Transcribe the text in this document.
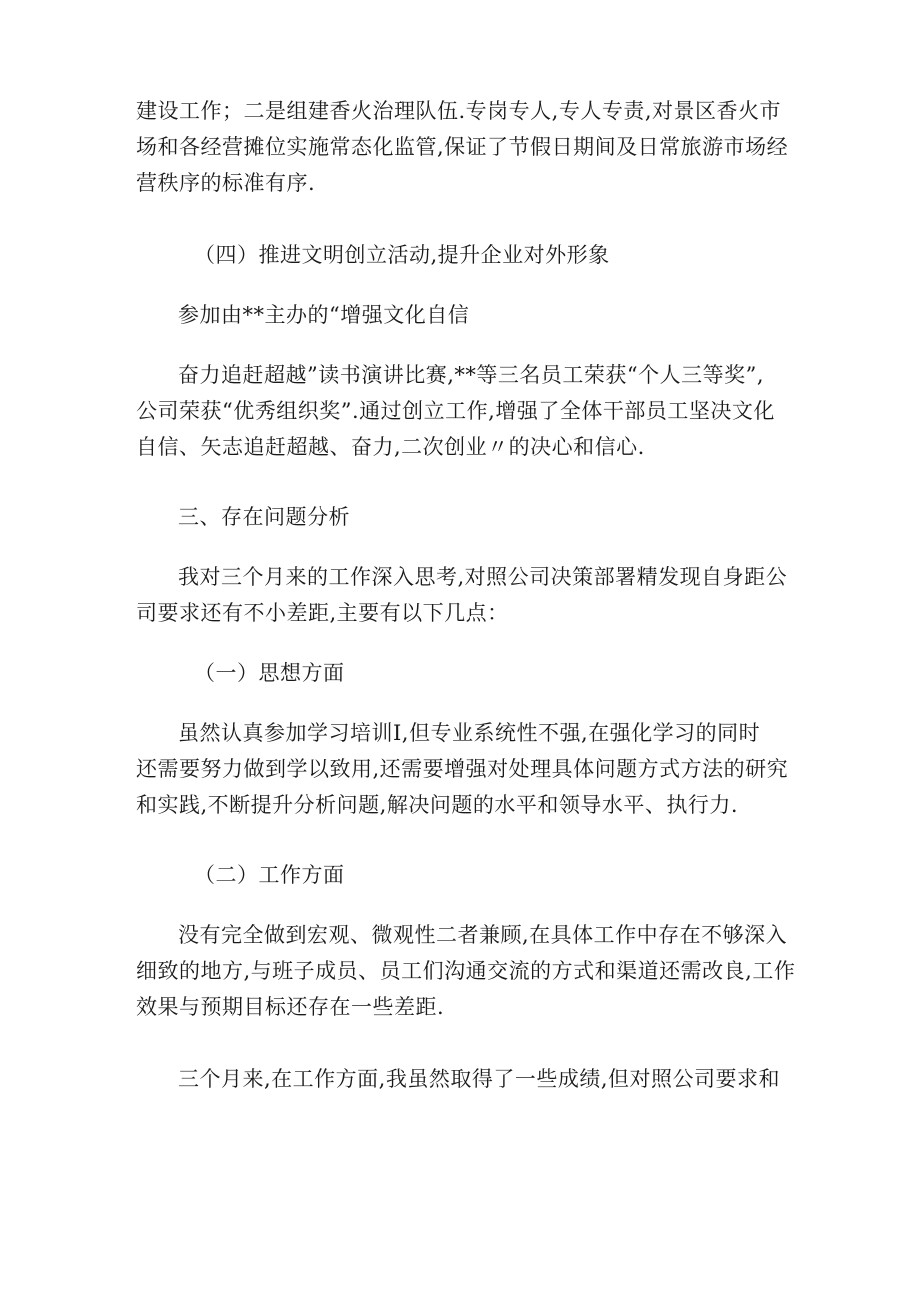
建设工作；二是组建香火治理队伍.专岗专人,专人专责,对景区香火市
场和各经营摊位实施常态化监管,保证了节假日期间及日常旅游市场经
营秩序的标准有序.
（四）推进文明创立活动,提升企业对外形象
参加由**主办的“增强文化自信
奋力追赶超越”读书演讲比赛,**等三名员工荣获“个人三等奖”,
公司荣获“优秀组织奖”.通过创立工作,增强了全体干部员工坚决文化
自信、矢志追赶超越、奋力,二次创业〃的决心和信心.
三、存在问题分析
我对三个月来的工作深入思考,对照公司决策部署精发现自身距公
司要求还有不小差距,主要有以下几点：
（一）思想方面
虽然认真参加学习培训I,但专业系统性不强,在强化学习的同时
还需要努力做到学以致用,还需要增强对处理具体问题方式方法的研究
和实践,不断提升分析问题,解决问题的水平和领导水平、执行力.
（二）工作方面
没有完全做到宏观、微观性二者兼顾,在具体工作中存在不够深入
细致的地方,与班子成员、员工们沟通交流的方式和渠道还需改良,工作
效果与预期目标还存在一些差距.
三个月来,在工作方面,我虽然取得了一些成绩,但对照公司要求和
